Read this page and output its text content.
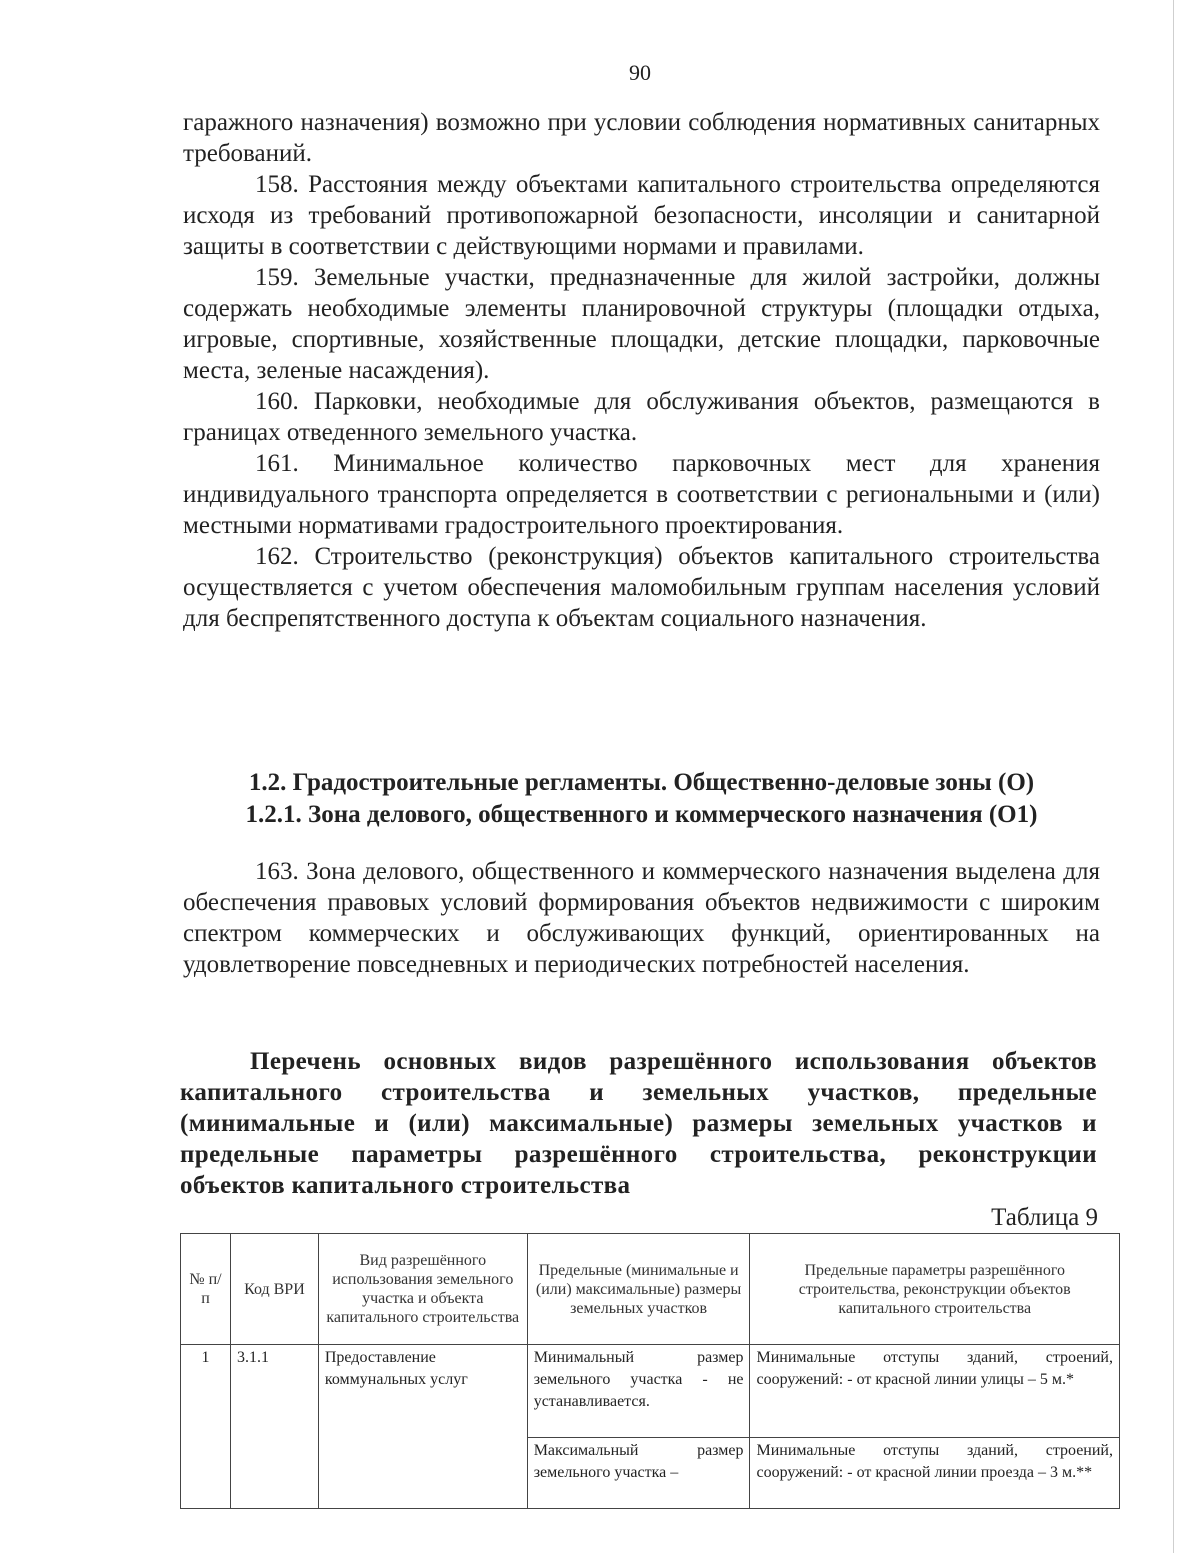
90

гаражного назначения) возможно при условии соблюдения нормативных санитарных требований.

158. Расстояния между объектами капитального строительства определяются исходя из требований противопожарной безопасности, инсоляции и санитарной защиты в соответствии с действующими нормами и правилами.

159. Земельные участки, предназначенные для жилой застройки, должны содержать необходимые элементы планировочной структуры (площадки отдыха, игровые, спортивные, хозяйственные площадки, детские площадки, парковочные места, зеленые насаждения).

160. Парковки, необходимые для обслуживания объектов, размещаются в границах отведенного земельного участка.

161. Минимальное количество парковочных мест для хранения индивидуального транспорта определяется в соответствии с региональными и (или) местными нормативами градостроительного проектирования.

162. Строительство (реконструкция) объектов капитального строительства осуществляется с учетом обеспечения маломобильным группам населения условий для беспрепятственного доступа к объектам социального назначения.

1.2. Градостроительные регламенты. Общественно-деловые зоны (О)
1.2.1. Зона делового, общественного и коммерческого назначения (О1)

163. Зона делового, общественного и коммерческого назначения выделена для обеспечения правовых условий формирования объектов недвижимости с широким спектром коммерческих и обслуживающих функций, ориентированных на удовлетворение повседневных и периодических потребностей населения.

Перечень основных видов разрешённого использования объектов капитального строительства и земельных участков, предельные (минимальные и (или) максимальные) размеры земельных участков и предельные параметры разрешённого строительства, реконструкции объектов капитального строительства
Таблица 9
№ п/п	Код ВРИ	Вид разрешённого использования земельного участка и объекта капитального строительства	Предельные (минимальные и (или) максимальные) размеры земельных участков	Предельные параметры разрешённого строительства, реконструкции объектов капитального строительства
1	3.1.1	Предоставление коммунальных услуг	Минимальный размер земельного участка - не устанавливается.	Минимальные отступы зданий, строений, сооружений: - от красной линии улицы – 5 м.*
			Максимальный размер земельного участка –	Минимальные отступы зданий, строений, сооружений: - от красной линии проезда – 3 м.**
